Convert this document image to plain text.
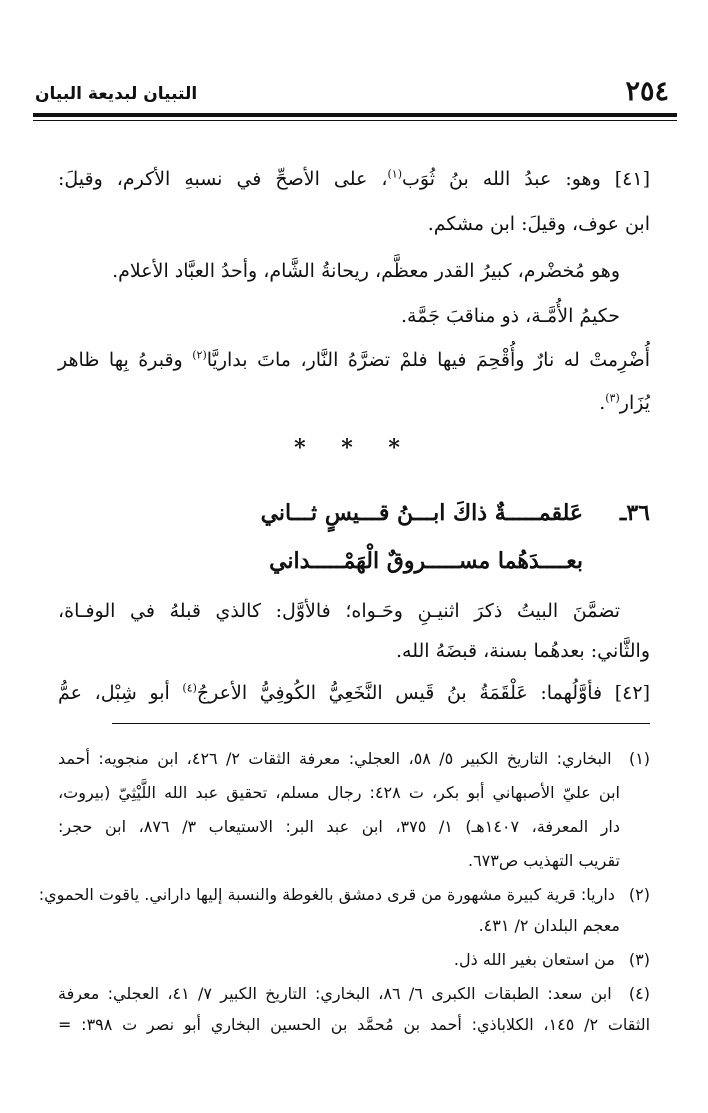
٢٥٤
التبيان لبديعة البيان
[٤١] وهو: عبدُ الله بنُ ثُوَب$^{(١)}$، على الأصحِّ في نسبهِ الأكرم، وقيلَ:
ابن عوف، وقيلَ: ابن مشكم.
وهو مُخضْرم، كبيرُ القدر معظَّم، ريحانةُ الشَّام، وأحدُ العبَّاد الأعلام.
حكيمُ الأُمَّـة، ذو مناقبَ جَمَّة.
أُضْرِمتْ له نارٌ وأُقْحِمَ فيها فلمْ تضرَّهُ النَّار، ماتَ بداريَّا$^{(٢)}$ وقبرهُ بِها ظاهر
يُزَار$^{(٣)}$.
* * *
٣٦ـ
عَلقمـــــةٌ ذاكَ ابـــنُ قـــيسٍ ثـــاني
بعــــدَهُما مســـــروقٌ الْهَمْـــــداني
تضمَّنَ البيتُ ذكرَ اثنيـنِ وحَـواه؛ فالأوَّل: كالذي قبلهُ في الوفـاة،
والثَّاني: بعدهُما بسنة، قبضَهُ الله.
[٤٢] فأوَّلُهما: عَلْقَمَةُ بنُ قَيس النَّخَعِيُّ الكُوفِيُّ الأعرجُ$^{(٤)}$ أبو شِبْل، عمُّ
(١) البخاري: التاريخ الكبير ٥/ ٥٨، العجلي: معرفة الثقات ٢/ ٤٢٦، ابن منجويه: أحمد
ابن عليّ الأصبهاني أبو بكر، ت ٤٢٨: رجال مسلم، تحقيق عبد الله اللَّيْثِيّ (بيروت،
دار المعرفة، ١٤٠٧هـ) ١/ ٣٧٥، ابن عبد البر: الاستيعاب ٣/ ٨٧٦، ابن حجر:
تقريب التهذيب ص٦٧٣.
(٢) داريا: قرية كبيرة مشهورة من قرى دمشق بالغوطة والنسبة إليها داراني. ياقوت الحموي:
معجم البلدان ٢/ ٤٣١.
(٣) من استعان بغير الله ذل.
(٤) ابن سعد: الطبقات الكبرى ٦/ ٨٦، البخاري: التاريخ الكبير ٧/ ٤١، العجلي: معرفة
الثقات ٢/ ١٤٥، الكلاباذي: أحمد بن مُحمَّد بن الحسين البخاري أبو نصر ت ٣٩٨: =
